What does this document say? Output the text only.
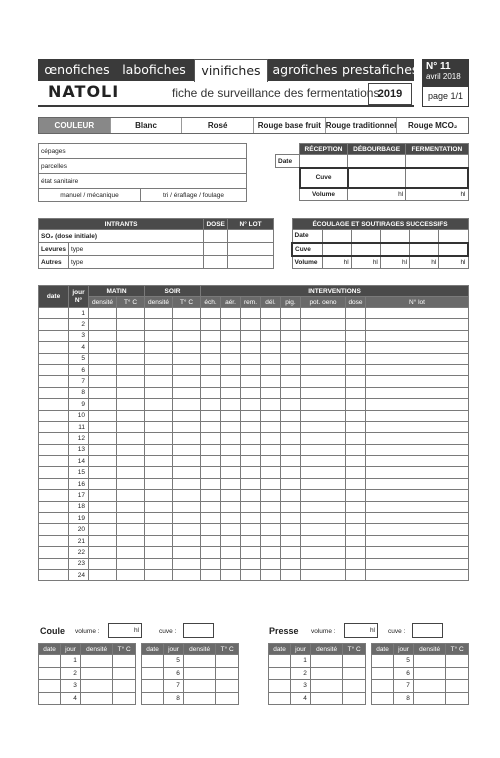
œnofiches	labofiches	vinifiches agrofiches prestafiches N° 11
avril 2018
NATOLI	fiche de surveillance des fermentations
2019	page 1/1
COULEUR	Blanc	Rosé	Rouge base fruit Rouge traditionnel	Rouge MCO₂
cépages
parcelles
état sanitaire
manuel / mécanique	tri / éraflage / foulage
	RÉCEPTION	DÉBOURBAGE	FERMENTATION
Date			
	Cuve		
	Volume	hl	hl
INTRANTS		DOSE	N° LOT
SO₂ (dose initiale)			
Levures	type		
Autres	type		
ÉCOULAGE ET SOUTIRAGES SUCCESSIFS					
Date					
Cuve					
Volume	hl	hl	hl	hl	hl
date	jour N°	MATIN		SOIR		INTERVENTIONS							
		densité	T° C	densité	T° C	éch.	aér.	rem.	dél.	pig.	pot. oeno	dose	N° lot
	1												
	2												
	3												
	4												
	5												
	6												
	7												
	8												
	9												
	10												
	11												
	12												
	13												
	14												
	15												
	16												
	17												
	18												
	19												
	20												
	21												
	22												
	23												
	24												
Coule volume :	hl	cuve :
date	jour	densité	T° C
	1		
	2		
	3		
	4		
date	jour	densité	T° C
	5		
	6		
	7		
	8		
Presse volume :	hl	cuve :
date	jour	densité	T° C
	1		
	2		
	3		
	4		
date	jour	densité	T° C
	5		
	6		
	7		
	8		
